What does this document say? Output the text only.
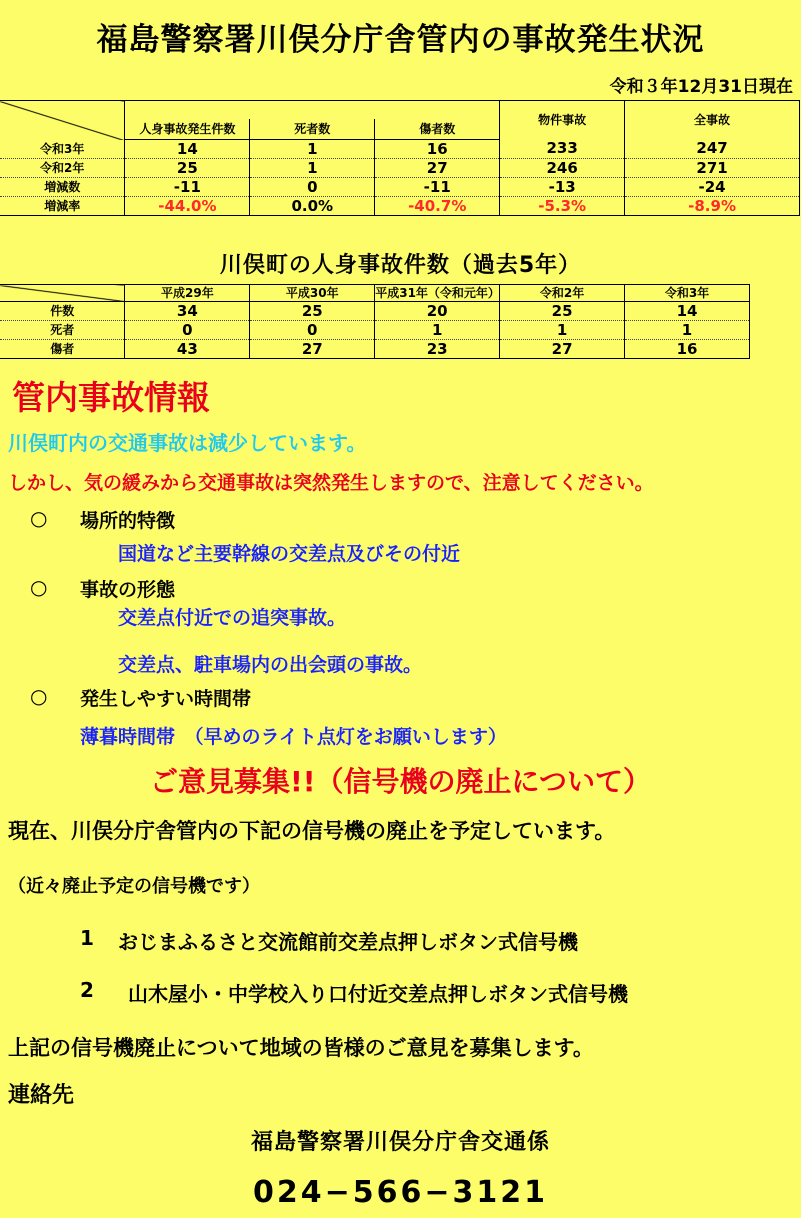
福島警察署川俣分庁舎管内の事故発生状況
令和３年12月31日現在
				物件事故	全事故
	人身事故発生件数	死者数	傷者数		
令和3年	14	1	16	233	247
令和2年	25	1	27	246	271
増減数	-11	0	-11	-13	-24
増減率	-44.0%	0.0%	-40.7%	-5.3%	-8.9%
川俣町の人身事故件数（過去5年）
	平成29年	平成30年	平成31年（令和元年）	令和2年	令和3年
件数	34	25	20	25	14
死者	0	0	1	1	1
傷者	43	27	23	27	16
管内事故情報
川俣町内の交通事故は減少しています。
しかし、気の緩みから交通事故は突然発生しますので、注意してください。
○ 場所的特徴
国道など主要幹線の交差点及びその付近
○ 事故の形態
交差点付近での追突事故。
交差点、駐車場内の出会頭の事故。
○ 発生しやすい時間帯
薄暮時間帯　（早めのライト点灯をお願いします）
ご意見募集!!（信号機の廃止について）
現在、川俣分庁舎管内の下記の信号機の廃止を予定しています。
（近々廃止予定の信号機です）
1 おじまふるさと交流館前交差点押しボタン式信号機
2 山木屋小・中学校入り口付近交差点押しボタン式信号機
上記の信号機廃止について地域の皆様のご意見を募集します。
連絡先
福島警察署川俣分庁舎交通係
024−566−3121
